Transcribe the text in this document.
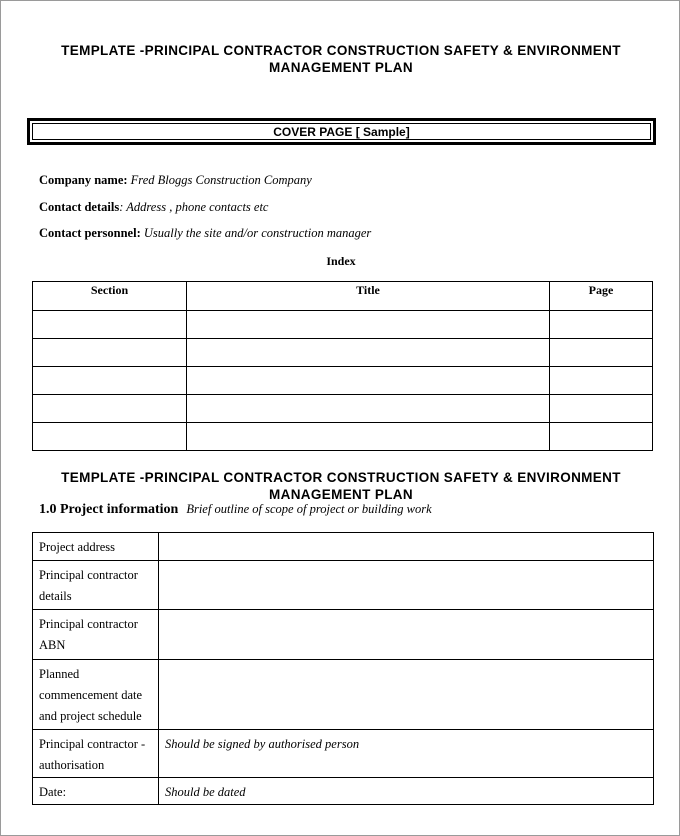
TEMPLATE -PRINCIPAL CONTRACTOR CONSTRUCTION SAFETY & ENVIRONMENT
MANAGEMENT PLAN
COVER PAGE [ Sample]
Company name: Fred Bloggs Construction Company
Contact details: Address , phone contacts etc
Contact personnel: Usually the site and/or construction manager
Index
Section	Title	Page

TEMPLATE -PRINCIPAL CONTRACTOR CONSTRUCTION SAFETY & ENVIRONMENT
MANAGEMENT PLAN
1.0 Project information Brief outline of scope of project or building work
Project address	
Principal contractor details	
Principal contractor ABN	
Planned commencement date and project schedule	
Principal contractor - authorisation	Should be signed by authorised person
Date:	Should be dated
